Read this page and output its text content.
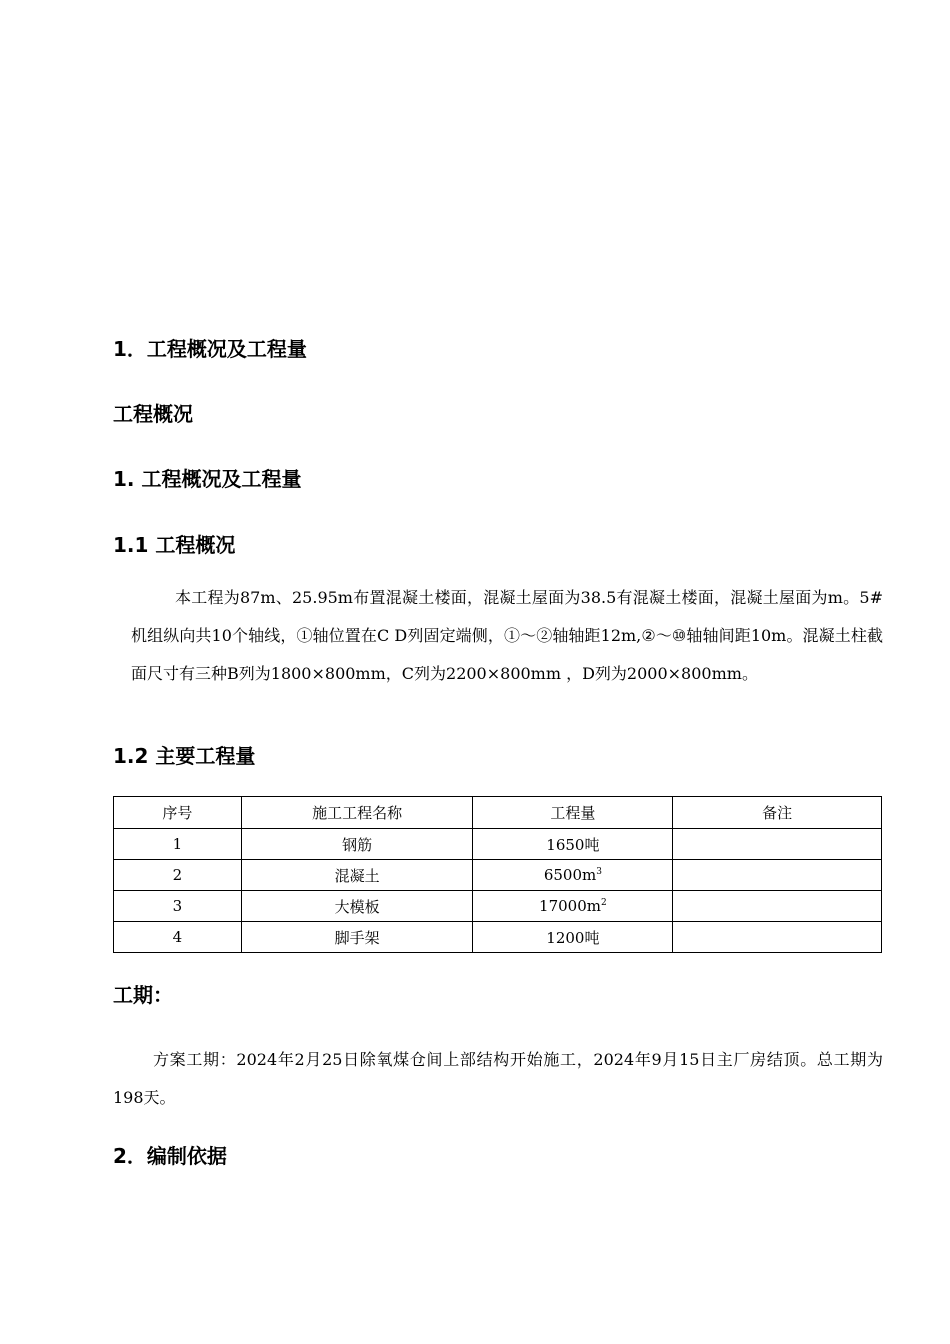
1．工程概况及工程量
工程概况
1. 工程概况及工程量
1.1 工程概况

本工程为87m、25.95m布置混凝土楼面，混凝土屋面为38.5有混凝土楼面，混凝土屋面为m。5#机组纵向共10个轴线，①轴位置在C D列固定端侧，①～②轴轴距12m,②～⑩轴轴间距10m。混凝土柱截面尺寸有三种B列为1800×800mm，C列为2200×800mm ，D列为2000×800mm。

1.2 主要工程量
序号	施工工程名称	工程量	备注
1	钢筋	1650吨	
2	混凝土	$6500m^3$	
3	大模板	$17000m^2$	
4	脚手架	1200吨	
工期：

方案工期：2024年2月25日除氧煤仓间上部结构开始施工，2024年9月15日主厂房结顶。总工期为198天。

2．编制依据
